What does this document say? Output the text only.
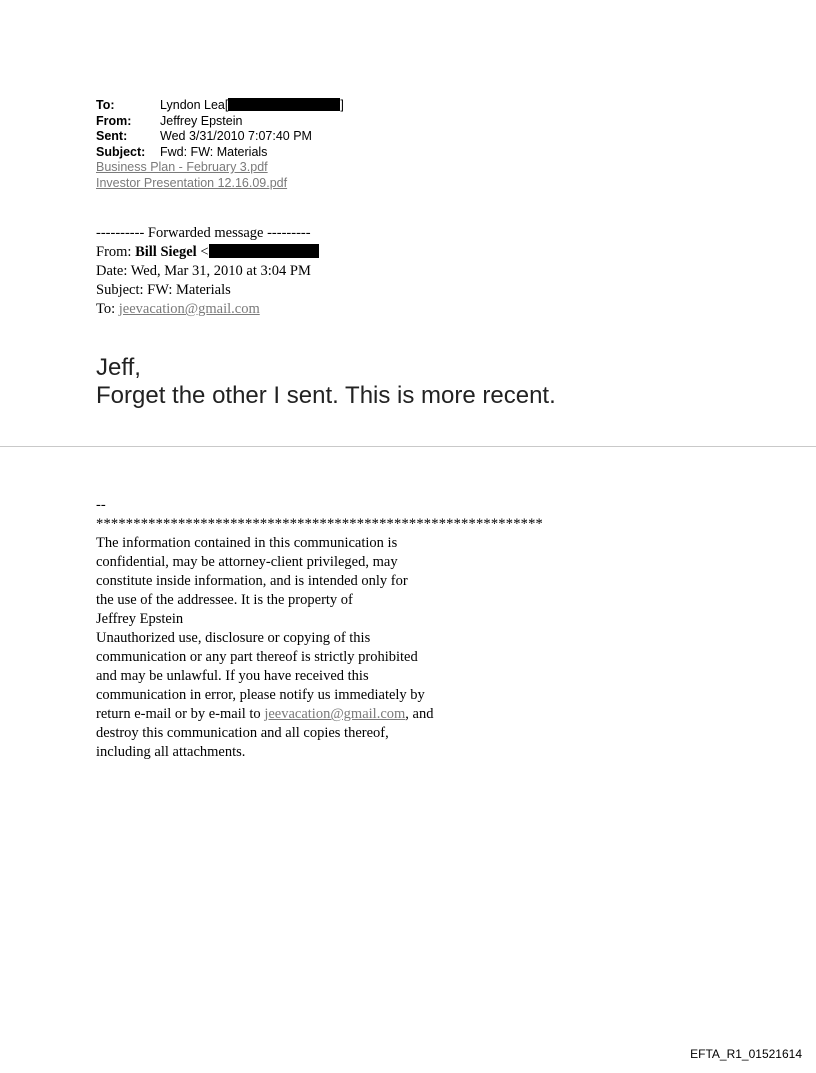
To:	Lyndon Lea[	]
From:	Jeffrey Epstein
Sent:	Wed 3/31/2010 7:07:40 PM
Subject:	Fwd: FW: Materials
Business Plan - February 3.pdf
Investor Presentation 12.16.09.pdf
---------- Forwarded message ---------
From: Bill Siegel <
Date: Wed, Mar 31, 2010 at 3:04 PM
Subject: FW: Materials
To: jeevacation@gmail.com
Jeff,
Forget the other I sent. This is more recent.
--
************************************************************
The information contained in this communication is
confidential, may be attorney-client privileged, may
constitute inside information, and is intended only for
the use of the addressee. It is the property of
Jeffrey Epstein
Unauthorized use, disclosure or copying of this
communication or any part thereof is strictly prohibited
and may be unlawful. If you have received this
communication in error, please notify us immediately by
return e-mail or by e-mail to jeevacation@gmail.com, and
destroy this communication and all copies thereof,
including all attachments.
EFTA_R1_01521614
